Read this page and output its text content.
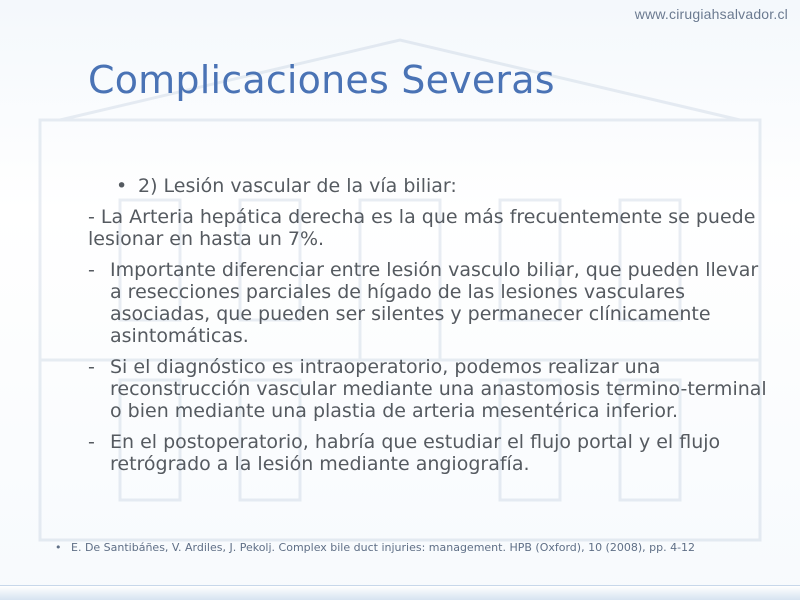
www.cirugiahsalvador.cl
Complicaciones Severas
• 2) Lesión vascular de la vía biliar:
- La Arteria hepática derecha es la que más frecuentemente se puede lesionar en hasta un 7%.
- Importante diferenciar entre lesión vasculo biliar, que pueden llevar a resecciones parciales de hígado de las lesiones vasculares asociadas, que pueden ser silentes y permanecer clínicamente asintomáticas.
- Si el diagnóstico es intraoperatorio, podemos realizar una reconstrucción vascular mediante una anastomosis termino-terminal o bien mediante una plastia de arteria mesentérica inferior.
- En el postoperatorio, habría que estudiar el flujo portal y el flujo retrógrado a la lesión mediante angiografía.
• E. De Santibáñes, V. Ardiles, J. Pekolj. Complex bile duct injuries: management. HPB (Oxford), 10 (2008), pp. 4-12
